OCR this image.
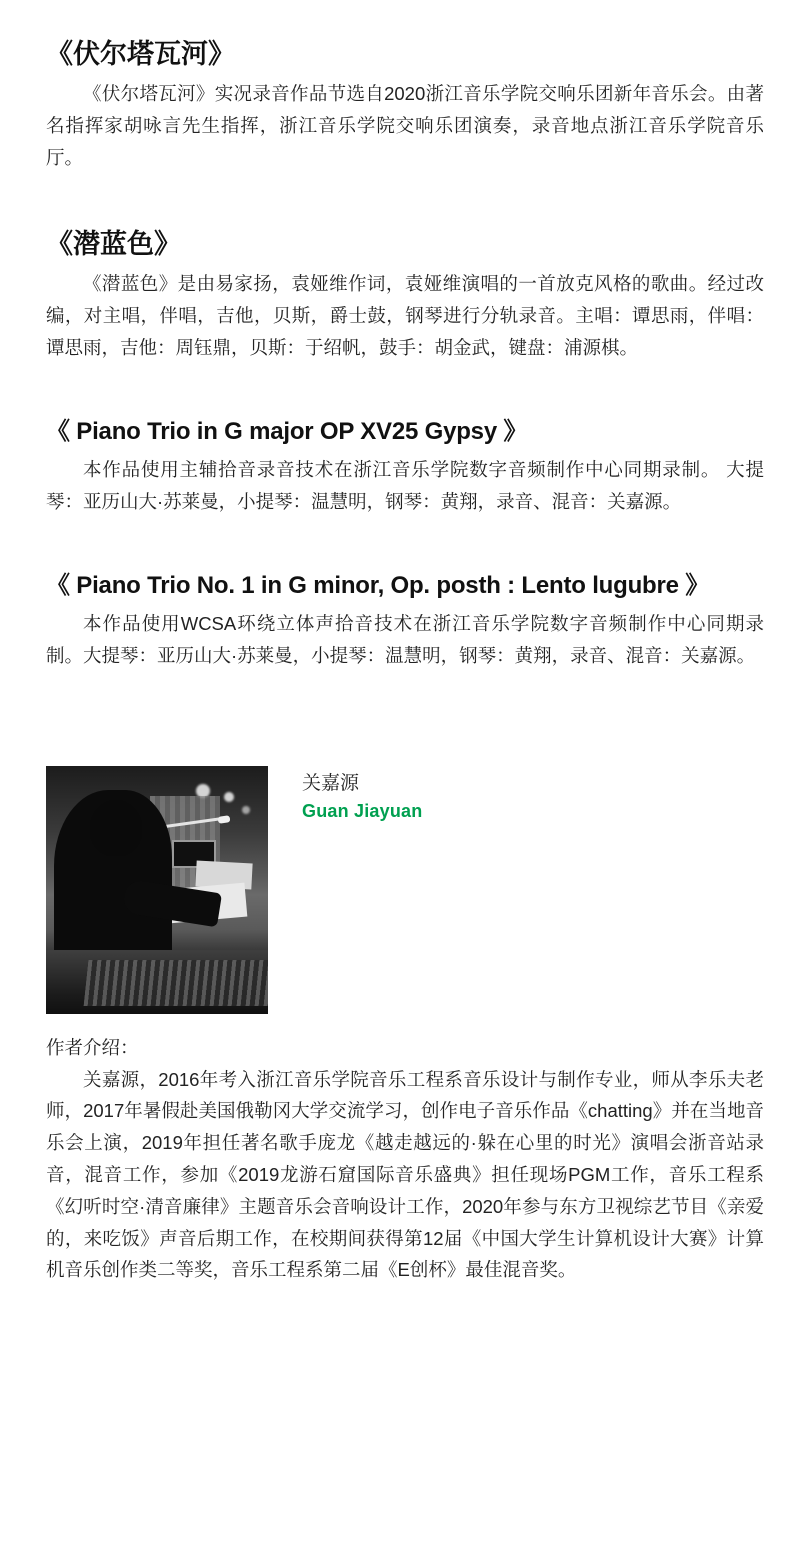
《伏尔塔瓦河》

《伏尔塔瓦河》实况录音作品节选自2020浙江音乐学院交响乐团新年音乐会。由著名指挥家胡咏言先生指挥，浙江音乐学院交响乐团演奏，录音地点浙江音乐学院音乐厅。

《潜蓝色》

《潜蓝色》是由易家扬，袁娅维作词，袁娅维演唱的一首放克风格的歌曲。经过改编，对主唱，伴唱，吉他，贝斯，爵士鼓，钢琴进行分轨录音。主唱：谭思雨，伴唱：谭思雨，吉他：周钰鼎，贝斯：于绍帆，鼓手：胡金武，键盘：浦源棋。

《 Piano Trio in G major OP XV25 Gypsy 》

本作品使用主辅拾音录音技术在浙江音乐学院数字音频制作中心同期录制。 大提琴：亚历山大·苏莱曼，小提琴：温慧明，钢琴：黄翔，录音、混音：关嘉源。

《 Piano Trio No. 1 in G minor, Op. posth : Lento lugubre 》

本作品使用WCSA环绕立体声拾音技术在浙江音乐学院数字音频制作中心同期录制。大提琴：亚历山大·苏莱曼，小提琴：温慧明，钢琴：黄翔，录音、混音：关嘉源。

关嘉源
Guan Jiayuan

作者介绍：

关嘉源，2016年考入浙江音乐学院音乐工程系音乐设计与制作专业，师从李乐夫老师，2017年暑假赴美国俄勒冈大学交流学习，创作电子音乐作品《chatting》并在当地音乐会上演，2019年担任著名歌手庞龙《越走越远的·躲在心里的时光》演唱会浙音站录音，混音工作，参加《2019龙游石窟国际音乐盛典》担任现场PGM工作，音乐工程系《幻听时空·清音廉律》主题音乐会音响设计工作，2020年参与东方卫视综艺节目《亲爱的，来吃饭》声音后期工作，在校期间获得第12届《中国大学生计算机设计大赛》计算机音乐创作类二等奖，音乐工程系第二届《E创杯》最佳混音奖。
